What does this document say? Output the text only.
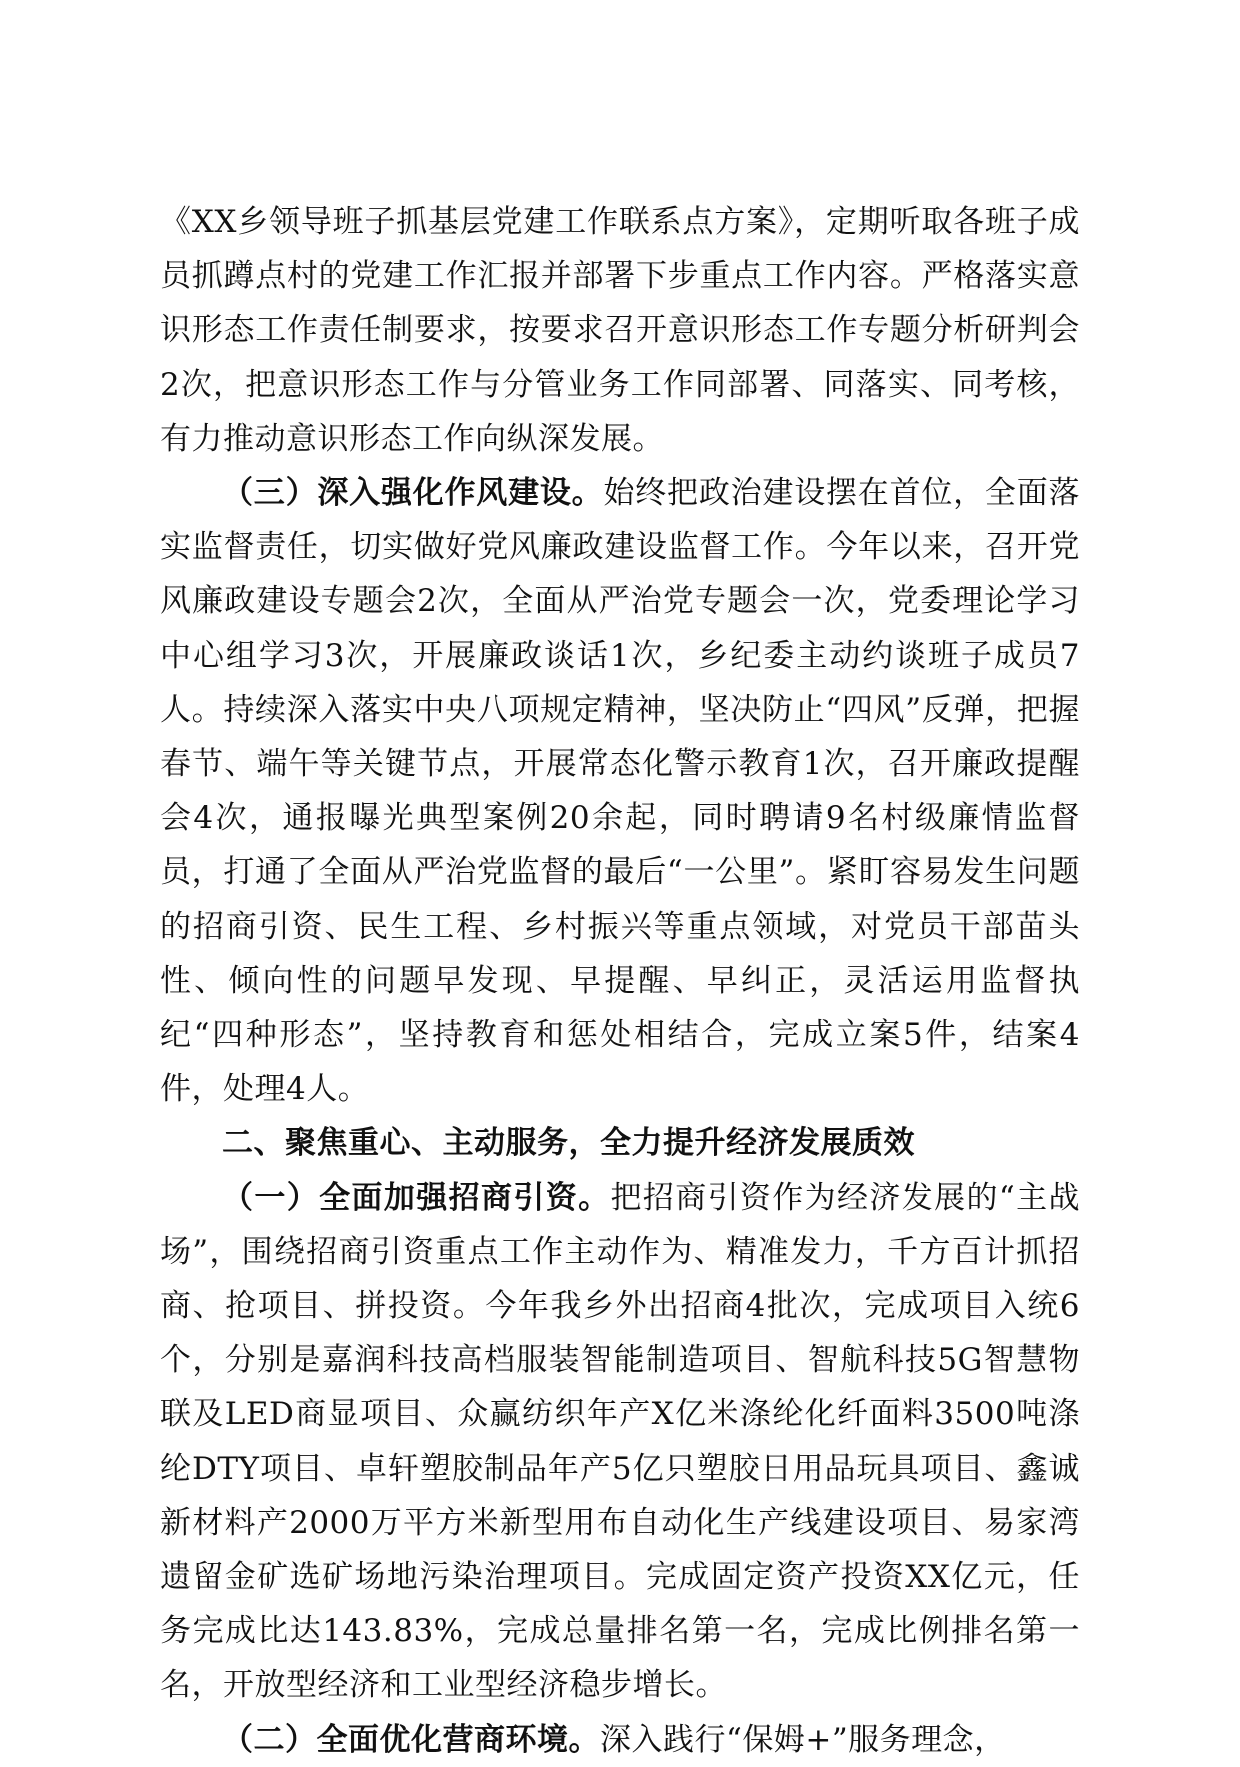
《XX乡领导班子抓基层党建工作联系点方案》，定期听取各班子成员抓蹲点村的党建工作汇报并部署下步重点工作内容。严格落实意识形态工作责任制要求，按要求召开意识形态工作专题分析研判会2次，把意识形态工作与分管业务工作同部署、同落实、同考核，有力推动意识形态工作向纵深发展。

（三）深入强化作风建设。始终把政治建设摆在首位，全面落实监督责任，切实做好党风廉政建设监督工作。今年以来，召开党风廉政建设专题会2次，全面从严治党专题会一次，党委理论学习中心组学习3次，开展廉政谈话1次，乡纪委主动约谈班子成员7人。持续深入落实中央八项规定精神，坚决防止“四风”反弹，把握春节、端午等关键节点，开展常态化警示教育1次，召开廉政提醒会4次，通报曝光典型案例20余起，同时聘请9名村级廉情监督员，打通了全面从严治党监督的最后“一公里”。紧盯容易发生问题的招商引资、民生工程、乡村振兴等重点领域，对党员干部苗头性、倾向性的问题早发现、早提醒、早纠正，灵活运用监督执纪“四种形态”，坚持教育和惩处相结合，完成立案5件，结案4件，处理4人。

二、聚焦重心、主动服务，全力提升经济发展质效

（一）全面加强招商引资。把招商引资作为经济发展的“主战场”，围绕招商引资重点工作主动作为、精准发力，千方百计抓招商、抢项目、拼投资。今年我乡外出招商4批次，完成项目入统6个，分别是嘉润科技高档服装智能制造项目、智航科技5G智慧物联及LED商显项目、众赢纺织年产X亿米涤纶化纤面料3500吨涤纶DTY项目、卓轩塑胶制品年产5亿只塑胶日用品玩具项目、鑫诚新材料产2000万平方米新型用布自动化生产线建设项目、易家湾遗留金矿选矿场地污染治理项目。完成固定资产投资XX亿元，任务完成比达143.83%，完成总量排名第一名，完成比例排名第一名，开放型经济和工业型经济稳步增长。

（二）全面优化营商环境。深入践行“保姆+”服务理念，
